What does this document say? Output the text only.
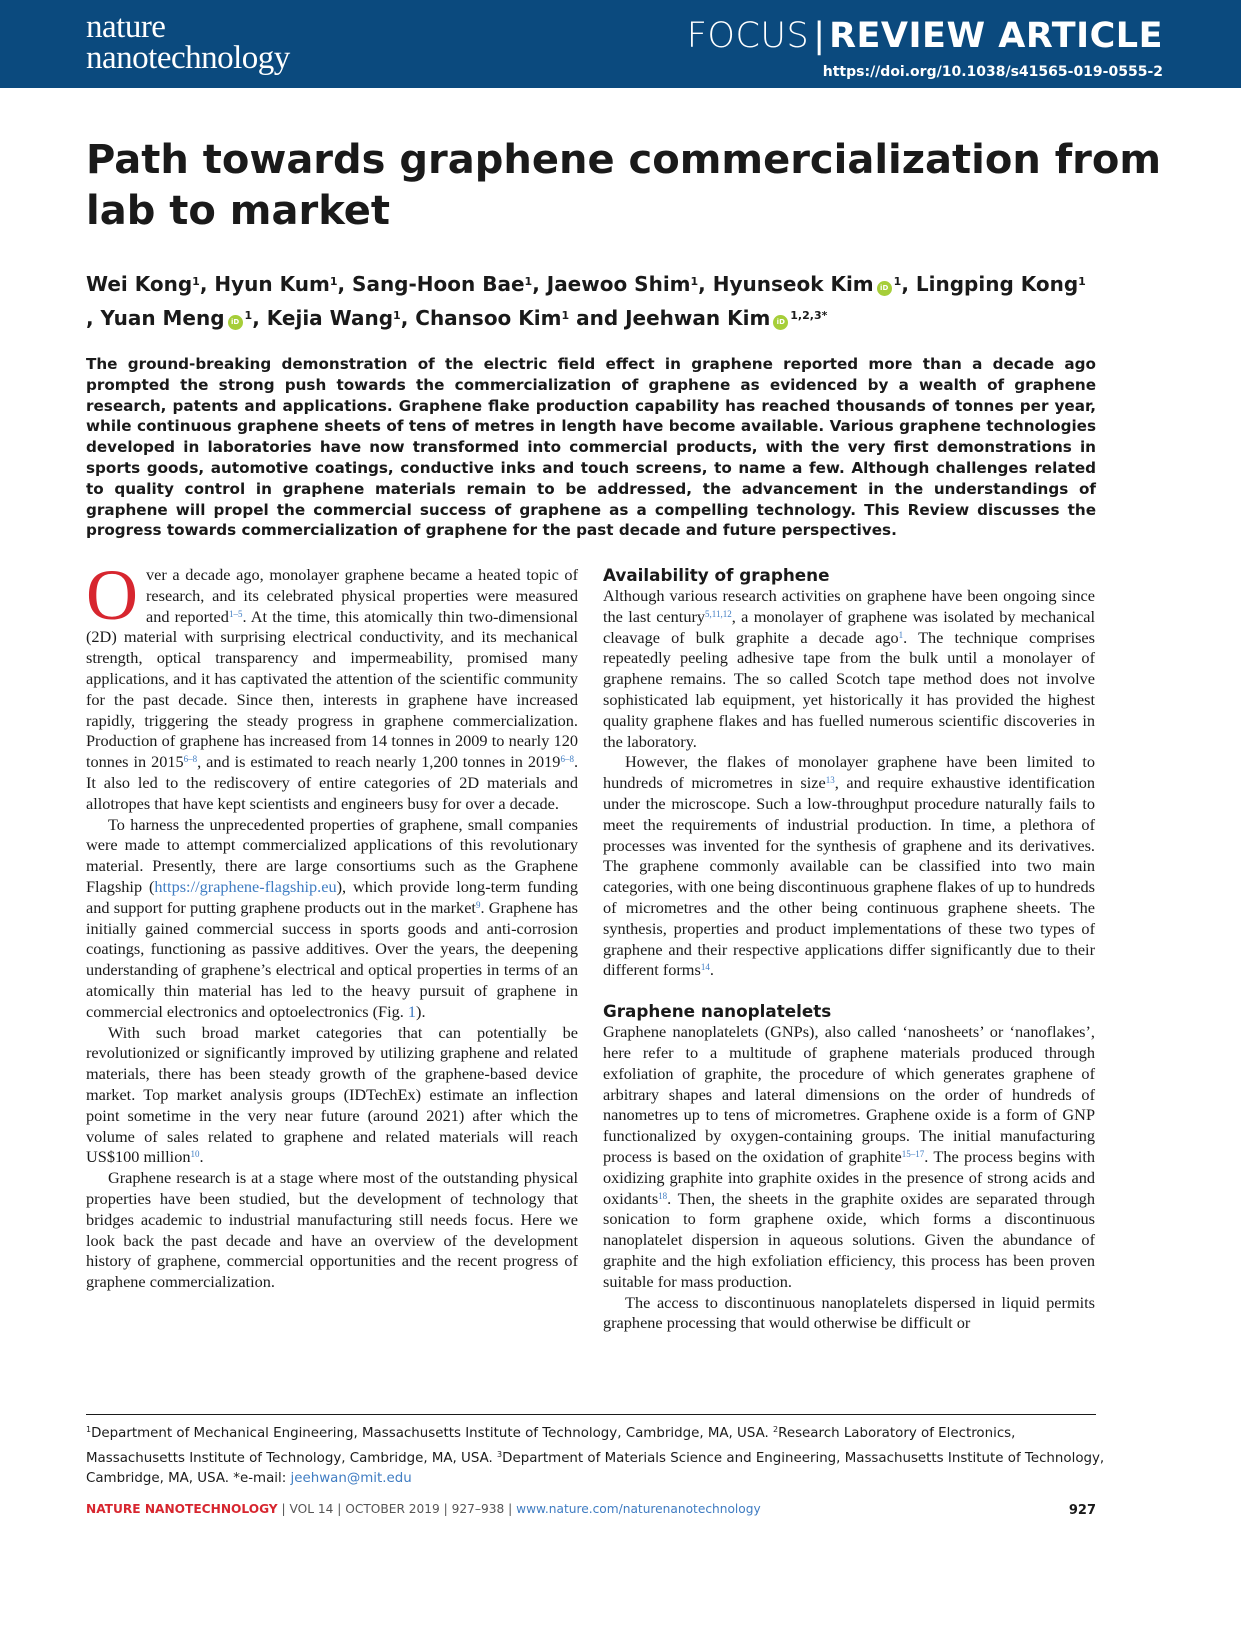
nature
nanotechnology
FOCUS | REVIEW ARTICLE
https://doi.org/10.1038/s41565-019-0555-2
Path towards graphene commercialization from lab to market

Wei Kong$^1$, Hyun Kum$^1$, Sang-Hoon Bae$^1$, Jaewoo Shim$^1$, Hyunseok Kim iD $^1$, Lingping Kong$^1$
, Yuan Meng iD $^1$, Kejia Wang$^1$, Chansoo Kim$^1$ and Jeehwan Kim iD $^{1,2,3*}$

The ground-breaking demonstration of the electric field effect in graphene reported more than a decade ago prompted the strong push towards the commercialization of graphene as evidenced by a wealth of graphene research, patents and applications. Graphene flake production capability has reached thousands of tonnes per year, while continuous graphene sheets of tens of metres in length have become available. Various graphene technologies developed in laboratories have now transformed into commercial products, with the very first demonstrations in sports goods, automotive coatings, conductive inks and touch screens, to name a few. Although challenges related to quality control in graphene materials remain to be addressed, the advancement in the understandings of graphene will propel the commercial success of graphene as a compelling technology. This Review discusses the progress towards commercialization of graphene for the past decade and future perspectives.

Over a decade ago, monolayer graphene became a heated topic of research, and its celebrated physical properties were measured and reported$^{1-5}$. At the time, this atomically thin two-dimensional (2D) material with surprising electrical conductivity, and its mechanical strength, optical transparency and impermeability, promised many applications, and it has captivated the attention of the scientific community for the past decade. Since then, interests in graphene have increased rapidly, triggering the steady progress in graphene commercialization. Production of graphene has increased from 14 tonnes in 2009 to nearly 120 tonnes in 2015$^{6-8}$, and is estimated to reach nearly 1,200 tonnes in 2019$^{6-8}$. It also led to the rediscovery of entire categories of 2D materials and allotropes that have kept scientists and engineers busy for over a decade.

To harness the unprecedented properties of graphene, small companies were made to attempt commercialized applications of this revolutionary material. Presently, there are large consortiums such as the Graphene Flagship (https://graphene-flagship.eu), which provide long-term funding and support for putting graphene products out in the market$^9$. Graphene has initially gained commercial success in sports goods and anti-corrosion coatings, functioning as passive additives. Over the years, the deepening understanding of graphene’s electrical and optical properties in terms of an atomically thin material has led to the heavy pursuit of graphene in commercial electronics and optoelectronics (Fig. 1).

With such broad market categories that can potentially be revolutionized or significantly improved by utilizing graphene and related materials, there has been steady growth of the graphene-based device market. Top market analysis groups (IDTechEx) estimate an inflection point sometime in the very near future (around 2021) after which the volume of sales related to graphene and related materials will reach US$100 million$^{10}$.

Graphene research is at a stage where most of the outstanding physical properties have been studied, but the development of technology that bridges academic to industrial manufacturing still needs focus. Here we look back the past decade and have an overview of the development history of graphene, commercial opportunities and the recent progress of graphene commercialization.

Availability of graphene

Although various research activities on graphene have been ongoing since the last century$^{5,11,12}$, a monolayer of graphene was isolated by mechanical cleavage of bulk graphite a decade ago$^1$. The technique comprises repeatedly peeling adhesive tape from the bulk until a monolayer of graphene remains. The so called Scotch tape method does not involve sophisticated lab equipment, yet historically it has provided the highest quality graphene flakes and has fuelled numerous scientific discoveries in the laboratory.

However, the flakes of monolayer graphene have been limited to hundreds of micrometres in size$^{13}$, and require exhaustive identification under the microscope. Such a low-throughput procedure naturally fails to meet the requirements of industrial production. In time, a plethora of processes was invented for the synthesis of graphene and its derivatives. The graphene commonly available can be classified into two main categories, with one being discontinuous graphene flakes of up to hundreds of micrometres and the other being continuous graphene sheets. The synthesis, properties and product implementations of these two types of graphene and their respective applications differ significantly due to their different forms$^{14}$.

Graphene nanoplatelets

Graphene nanoplatelets (GNPs), also called ‘nanosheets’ or ‘nanoflakes’, here refer to a multitude of graphene materials produced through exfoliation of graphite, the procedure of which generates graphene of arbitrary shapes and lateral dimensions on the order of hundreds of nanometres up to tens of micrometres. Graphene oxide is a form of GNP functionalized by oxygen-containing groups. The initial manufacturing process is based on the oxidation of graphite$^{15-17}$. The process begins with oxidizing graphite into graphite oxides in the presence of strong acids and oxidants$^{18}$. Then, the sheets in the graphite oxides are separated through sonication to form graphene oxide, which forms a discontinuous nanoplatelet dispersion in aqueous solutions. Given the abundance of graphite and the high exfoliation efficiency, this process has been proven suitable for mass production.

The access to discontinuous nanoplatelets dispersed in liquid permits graphene processing that would otherwise be difficult or

$^1$Department of Mechanical Engineering, Massachusetts Institute of Technology, Cambridge, MA, USA. $^2$Research Laboratory of Electronics, Massachusetts Institute of Technology, Cambridge, MA, USA. $^3$Department of Materials Science and Engineering, Massachusetts Institute of Technology, Cambridge, MA, USA. *e-mail: jeehwan@mit.edu

NATURE NANOTECHNOLOGY | VOL 14 | OCTOBER 2019 | 927–938 | www.nature.com/naturenanotechnology	927
